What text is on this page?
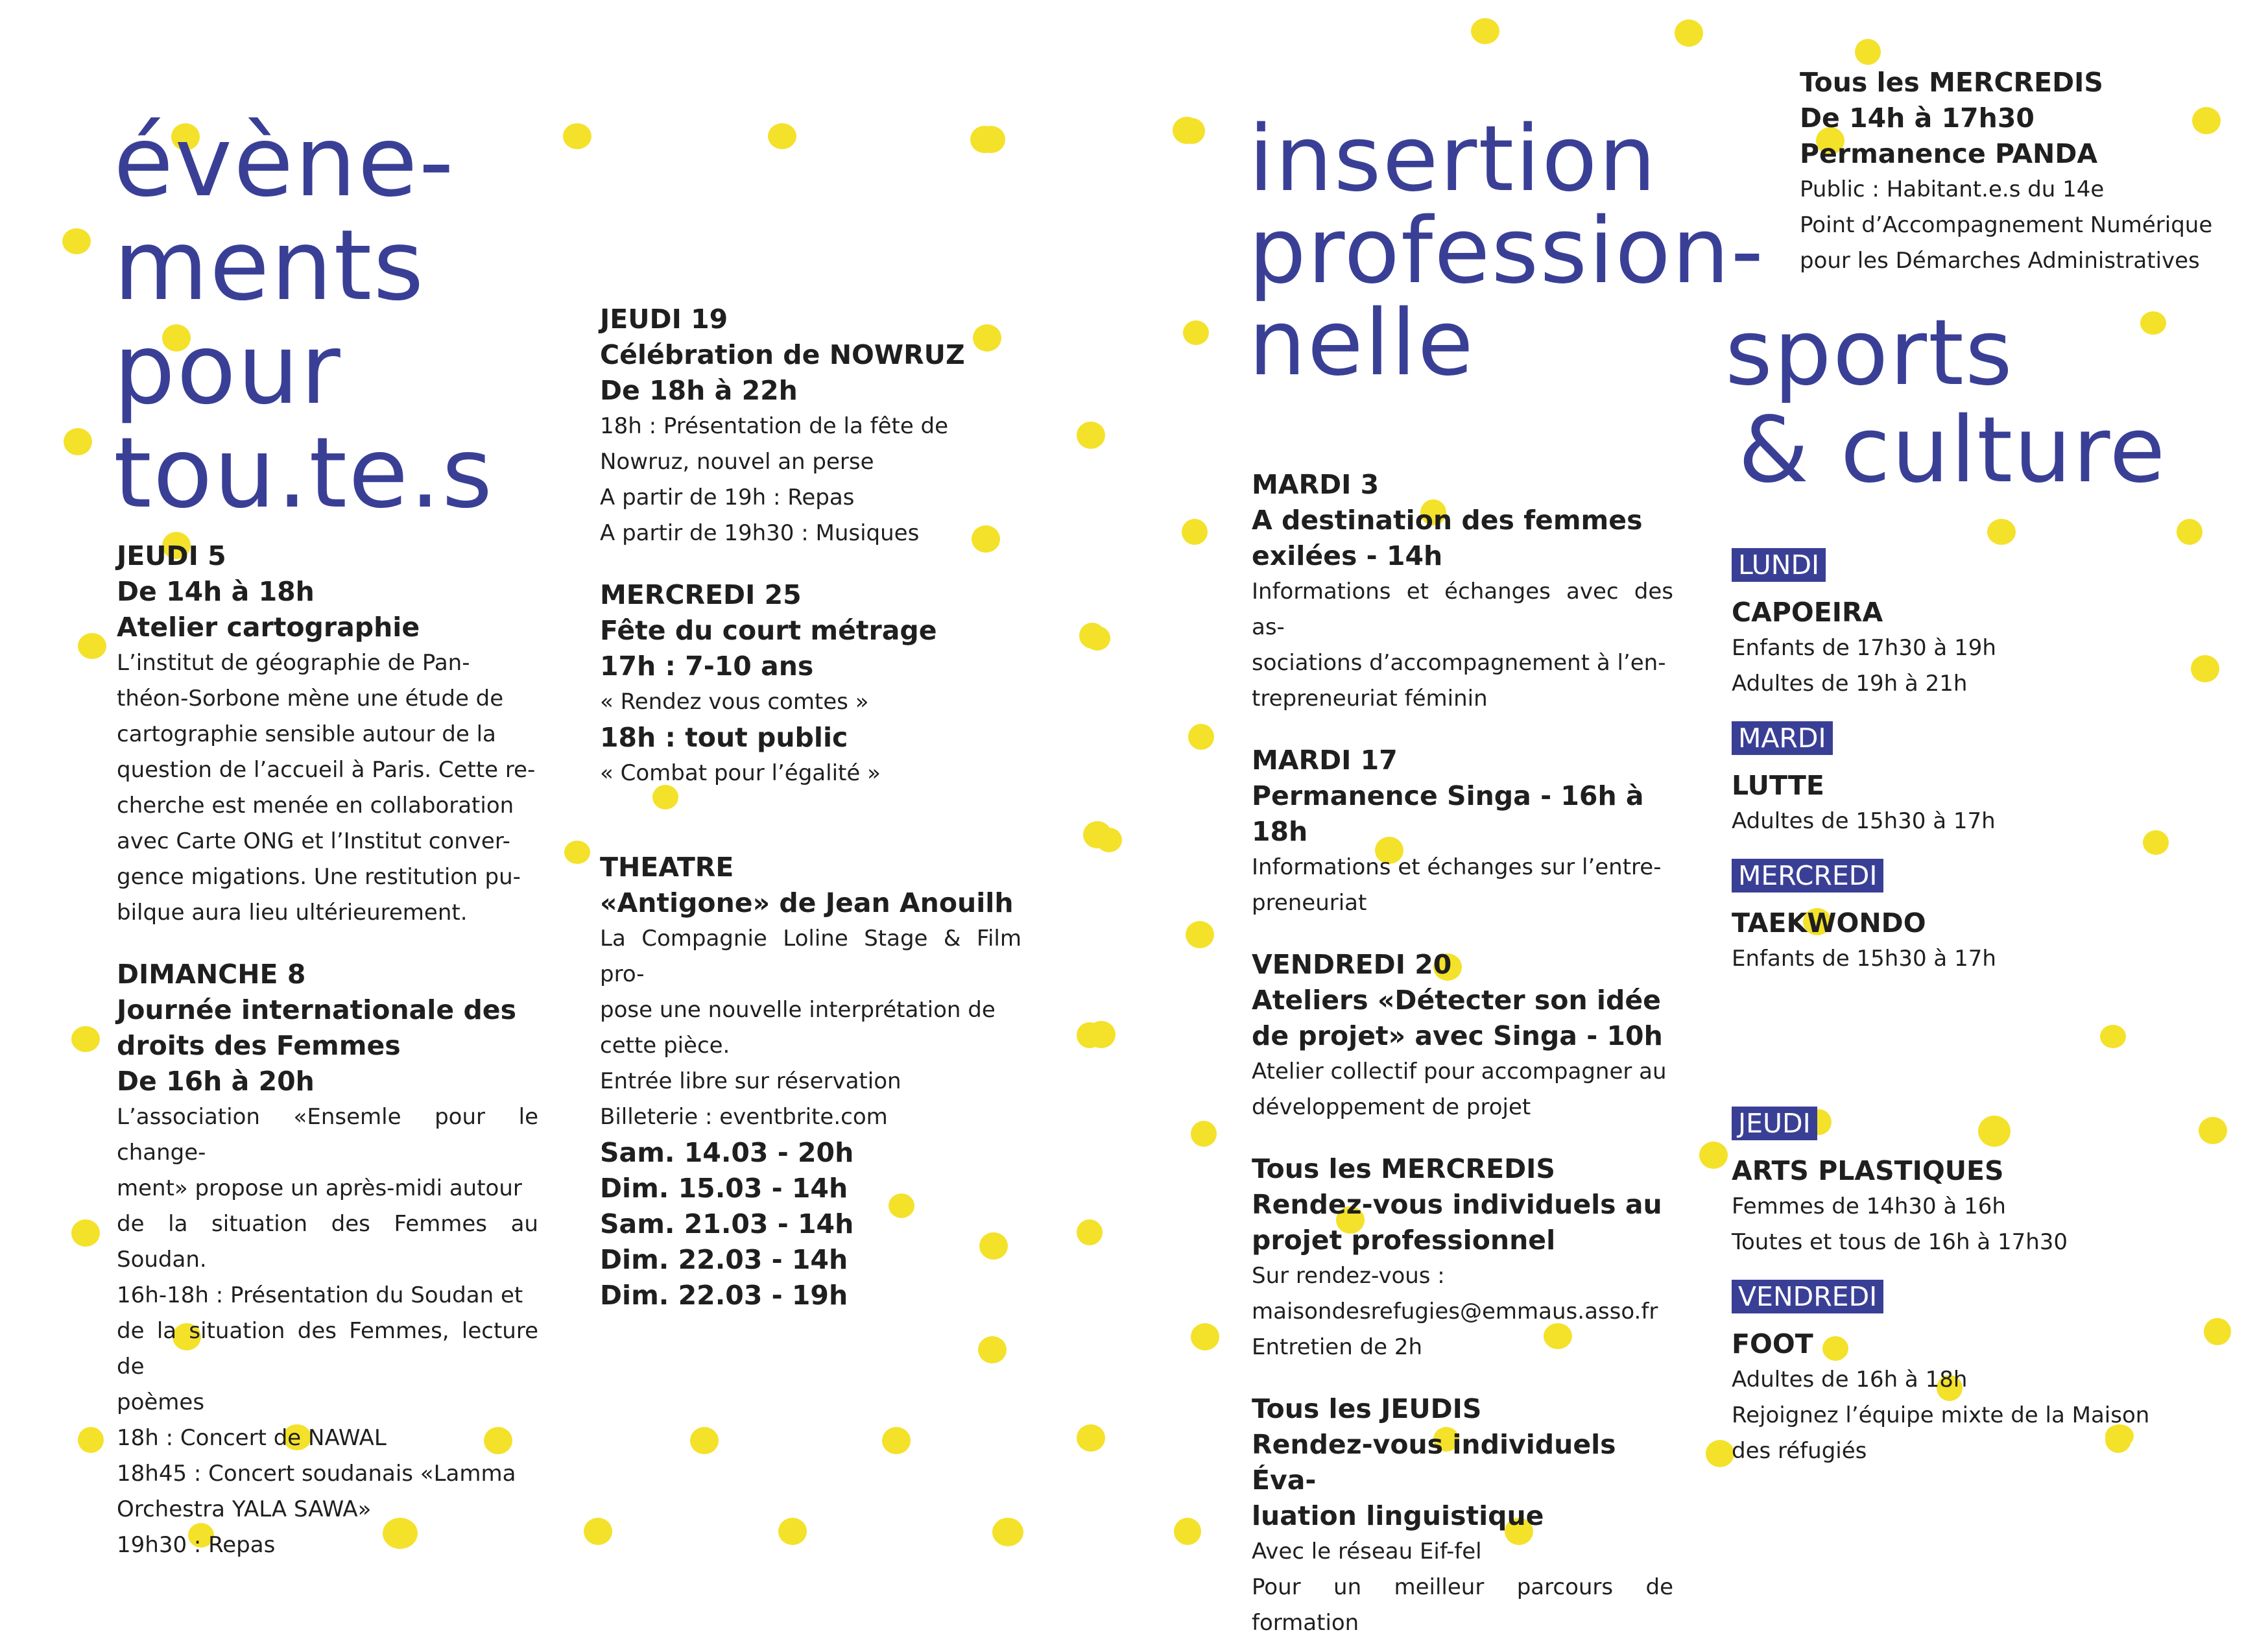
évène-
ments
pour
tou.te.s
JEUDI 5
De 14h à 18h
Atelier cartographie
L’institut de géographie de Pan-
théon-Sorbone mène une étude de
cartographie sensible autour de la
question de l’accueil à Paris. Cette re-
cherche est menée en collaboration
avec Carte ONG et l’Institut conver-
gence migations. Une restitution pu-
bilque aura lieu ultérieurement.
DIMANCHE 8
Journée internationale des
droits des Femmes
De 16h à 20h
L’association «Ensemle pour le change-
ment» propose un après-midi autour
de la situation des Femmes au Soudan.
16h-18h : Présentation du Soudan et
de la situation des Femmes, lecture de
poèmes
18h : Concert de NAWAL
18h45 : Concert soudanais «Lamma
Orchestra YALA SAWA»
19h30 : Repas
JEUDI 19
Célébration de NOWRUZ
De 18h à 22h
18h : Présentation de la fête de
Nowruz, nouvel an perse
A partir de 19h : Repas
A partir de 19h30 : Musiques
MERCREDI 25
Fête du court métrage
17h : 7-10 ans
« Rendez vous comtes »
18h : tout public
« Combat pour l’égalité »
THEATRE
«Antigone» de Jean Anouilh
La Compagnie Loline Stage & Film pro-
pose une nouvelle interprétation de
cette pièce.
Entrée libre sur réservation
Billeterie : eventbrite.com
Sam. 14.03 - 20h
Dim. 15.03 - 14h
Sam. 21.03 - 14h
Dim. 22.03 - 14h
Dim. 22.03 - 19h
insertion
profession-
nelle
MARDI 3
A destination des femmes
exilées - 14h
Informations et échanges avec des as-
sociations d’accompagnement à l’en-
trepreneuriat féminin
MARDI 17
Permanence Singa - 16h à 18h
Informations et échanges sur l’entre-
preneuriat
VENDREDI 20
Ateliers «Détecter son idée
de projet» avec Singa - 10h
Atelier collectif pour accompagner au
développement de projet
Tous les MERCREDIS
Rendez-vous individuels au
projet professionnel
Sur rendez-vous :
maisondesrefugies@emmaus.asso.fr
Entretien de 2h
Tous les JEUDIS
Rendez-vous individuels Éva-
luation linguistique
Avec le réseau Eif-fel
Pour un meilleur parcours de formation
Tous les MERCREDIS
De 14h à 17h30
Permanence PANDA
Public : Habitant.e.s du 14e
Point d’Accompagnement Numérique
pour les Démarches Administratives
sports
& culture
LUNDI
CAPOEIRA
Enfants de 17h30 à 19h
Adultes de 19h à 21h
MARDI
LUTTE
Adultes de 15h30 à 17h
MERCREDI
TAEKWONDO
Enfants de 15h30 à 17h
JEUDI
ARTS PLASTIQUES
Femmes de 14h30 à 16h
Toutes et tous de 16h à 17h30
VENDREDI
FOOT
Adultes de 16h à 18h
Rejoignez l’équipe mixte de la Maison
des réfugiés
